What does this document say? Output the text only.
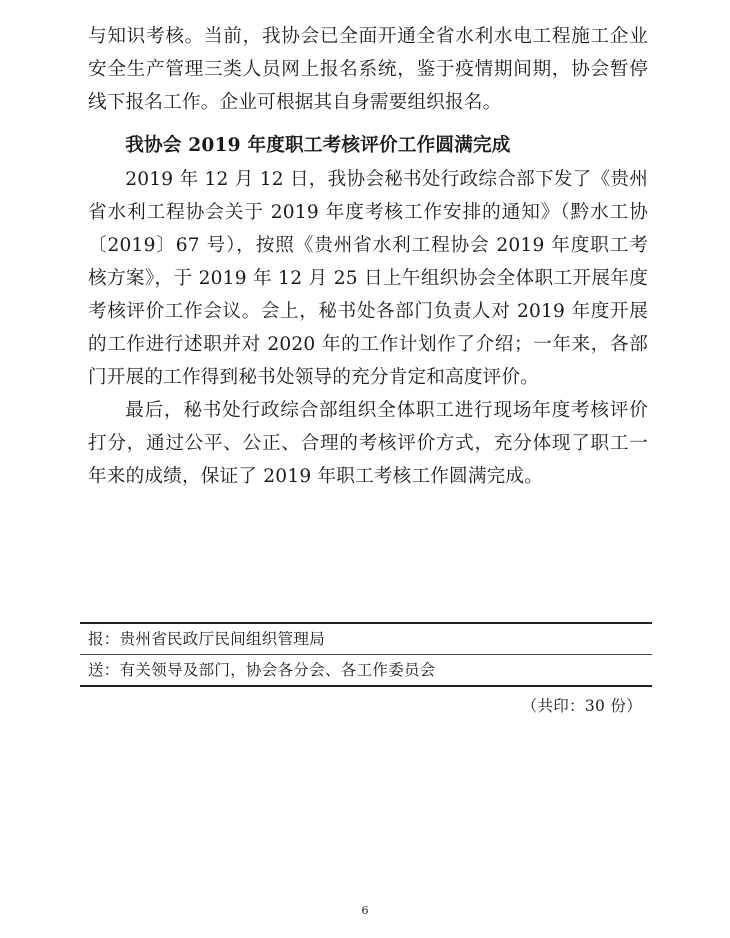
与知识考核。当前，我协会已全面开通全省水利水电工程施工企业安全生产管理三类人员网上报名系统，鉴于疫情期间期，协会暂停线下报名工作。企业可根据其自身需要组织报名。

我协会 2019 年度职工考核评价工作圆满完成

2019 年 12 月 12 日，我协会秘书处行政综合部下发了《贵州省水利工程协会关于 2019 年度考核工作安排的通知》（黔水工协〔2019〕67 号），按照《贵州省水利工程协会 2019 年度职工考核方案》，于 2019 年 12 月 25 日上午组织协会全体职工开展年度考核评价工作会议。会上，秘书处各部门负责人对 2019 年度开展的工作进行述职并对 2020 年的工作计划作了介绍；一年来，各部门开展的工作得到秘书处领导的充分肯定和高度评价。

最后，秘书处行政综合部组织全体职工进行现场年度考核评价打分，通过公平、公正、合理的考核评价方式，充分体现了职工一年来的成绩，保证了 2019 年职工考核工作圆满完成。

报：贵州省民政厅民间组织管理局
送：有关领导及部门，协会各分会、各工作委员会
（共印：30 份）
6
